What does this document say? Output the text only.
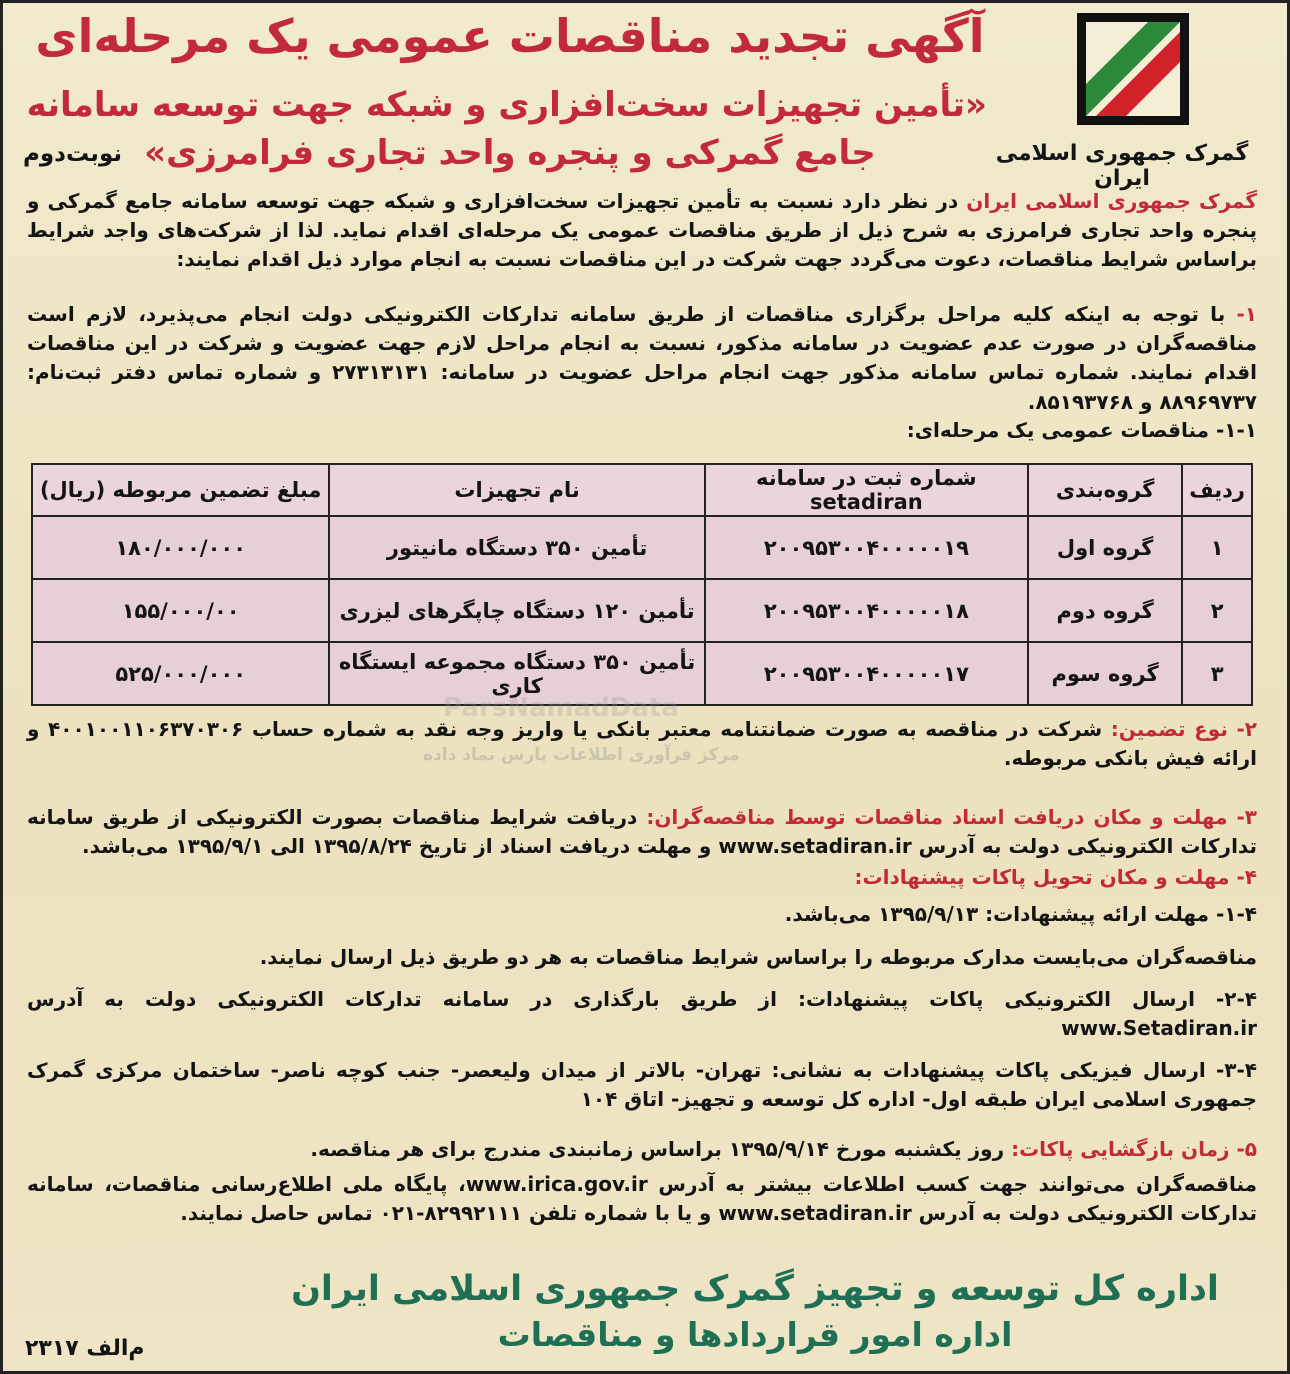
گمرک جمهوری اسلامی ایران
آگهی تجدید مناقصات عمومی یک مرحله‌ای
«تأمین تجهیزات سخت‌افزاری و شبکه جهت توسعه سامانه
جامع گمرکی و پنجره واحد تجاری فرامرزی»
نوبت‌دوم
گمرک جمهوری اسلامی ایران در نظر دارد نسبت به تأمین تجهیزات سخت‌افزاری و شبکه جهت توسعه سامانه جامع گمرکی و پنجره واحد تجاری فرامرزی به شرح ذیل از طریق مناقصات عمومی یک مرحله‌ای اقدام نماید. لذا از شرکت‌های واجد شرایط براساس شرایط مناقصات، دعوت می‌گردد جهت شرکت در این مناقصات نسبت به انجام موارد ذیل اقدام نمایند:
۱- با توجه به اینکه کلیه مراحل برگزاری مناقصات از طریق سامانه تدارکات الکترونیکی دولت انجام می‌پذیرد، لازم است مناقصه‌گران در صورت عدم عضویت در سامانه مذکور، نسبت به انجام مراحل لازم جهت عضویت و شرکت در این مناقصات اقدام نمایند. شماره تماس سامانه مذکور جهت انجام مراحل عضویت در سامانه: ۲۷۳۱۳۱۳۱ و شماره تماس دفتر ثبت‌نام: ۸۸۹۶۹۷۳۷ و ۸۵۱۹۳۷۶۸.
۱-۱- مناقصات عمومی یک مرحله‌ای:
ردیف	گروه‌بندی	شماره ثبت در سامانه setadiran	نام تجهیزات	مبلغ تضمین مربوطه (ریال)
۱	گروه اول	۲۰۰۹۵۳۰۰۴۰۰۰۰۰۱۹	تأمین ۳۵۰ دستگاه مانیتور	۱۸۰/۰۰۰/۰۰۰
۲	گروه دوم	۲۰۰۹۵۳۰۰۴۰۰۰۰۰۱۸	تأمین ۱۲۰ دستگاه چاپگرهای لیزری	۱۵۵/۰۰۰/۰۰
۳	گروه سوم	۲۰۰۹۵۳۰۰۴۰۰۰۰۰۱۷	تأمین ۳۵۰ دستگاه مجموعه ایستگاه کاری	۵۲۵/۰۰۰/۰۰۰
ParsNamadData
مرکز فرآوری اطلاعات پارس نماد داده
۲- نوع تضمین: شرکت در مناقصه به صورت ضمانتنامه معتبر بانکی یا واریز وجه نقد به شماره حساب ۴۰۰۱۰۰۱۱۰۶۳۷۰۳۰۶ و ارائه فیش بانکی مربوطه.
۳- مهلت و مکان دریافت اسناد مناقصات توسط مناقصه‌گران: دریافت شرایط مناقصات بصورت الکترونیکی از طریق سامانه تدارکات الکترونیکی دولت به آدرس www.setadiran.ir و مهلت دریافت اسناد از تاریخ ۱۳۹۵/۸/۲۴ الی ۱۳۹۵/۹/۱ می‌باشد.
۴- مهلت و مکان تحویل پاکات پیشنهادات:
۱-۴- مهلت ارائه پیشنهادات: ۱۳۹۵/۹/۱۳ می‌باشد.
مناقصه‌گران می‌بایست مدارک مربوطه را براساس شرایط مناقصات به هر دو طریق ذیل ارسال نمایند.
۲-۴- ارسال الکترونیکی پاکات پیشنهادات: از طریق بارگذاری در سامانه تدارکات الکترونیکی دولت به آدرس www.Setadiran.ir
۳-۴- ارسال فیزیکی پاکات پیشنهادات به نشانی: تهران- بالاتر از میدان ولیعصر- جنب کوچه ناصر- ساختمان مرکزی گمرک جمهوری اسلامی ایران طبقه اول- اداره کل توسعه و تجهیز- اتاق ۱۰۴
۵- زمان بازگشایی پاکات: روز یکشنبه مورخ ۱۳۹۵/۹/۱۴ براساس زمانبندی مندرج برای هر مناقصه.
مناقصه‌گران می‌توانند جهت کسب اطلاعات بیشتر به آدرس www.irica.gov.ir، پایگاه ملی اطلاع‌رسانی مناقصات، سامانه تدارکات الکترونیکی دولت به آدرس www.setadiran.ir و یا با شماره تلفن ۸۲۹۹۲۱۱۱-۰۲۱ تماس حاصل نمایند.
اداره کل توسعه و تجهیز گمرک جمهوری اسلامی ایران
اداره امور قراردادها و مناقصات
م‌الف ۲۳۱۷
